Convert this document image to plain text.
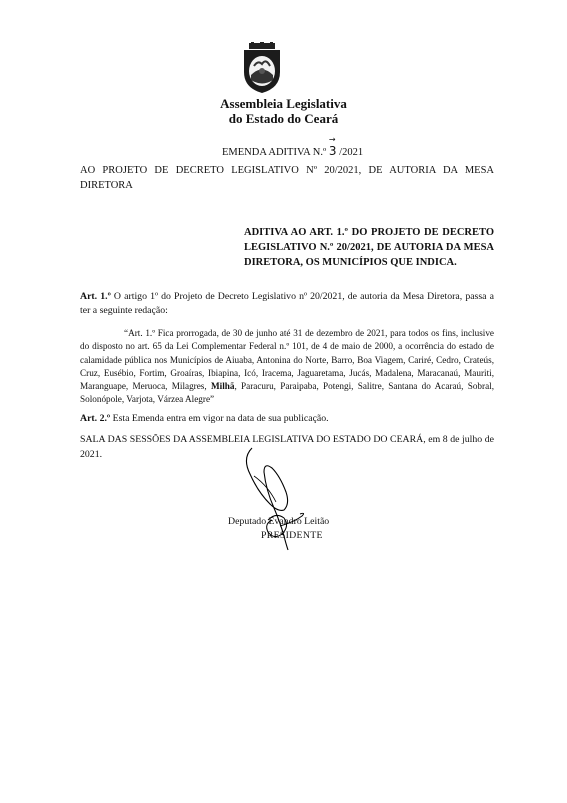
Assembleia Legislativa
do Estado do Ceará
EMENDA ADITIVA N.º → 3 /2021
AO PROJETO DE DECRETO LEGISLATIVO Nº 20/2021, DE AUTORIA DA MESA DIRETORA
ADITIVA AO ART. 1.º DO PROJETO DE DECRETO LEGISLATIVO N.º 20/2021, DE AUTORIA DA MESA DIRETORA, OS MUNICÍPIOS QUE INDICA.
Art. 1.º O artigo 1º do Projeto de Decreto Legislativo nº 20/2021, de autoria da Mesa Diretora, passa a ter a seguinte redação:
“Art. 1.º Fica prorrogada, de 30 de junho até 31 de dezembro de 2021, para todos os fins, inclusive do disposto no art. 65 da Lei Complementar Federal n.º 101, de 4 de maio de 2000, a ocorrência do estado de calamidade pública nos Municípios de Aiuaba, Antonina do Norte, Barro, Boa Viagem, Cariré, Cedro, Crateús, Cruz, Eusébio, Fortim, Groaíras, Ibiapina, Icó, Iracema, Jaguaretama, Jucás, Madalena, Maracanaú, Mauriti, Maranguape, Meruoca, Milagres, Milhã, Paracuru, Paraipaba, Potengi, Salitre, Santana do Acaraú, Sobral, Solonópole, Varjota, Várzea Alegre”
Art. 2.º Esta Emenda entra em vigor na data de sua publicação.
SALA DAS SESSÕES DA ASSEMBLEIA LEGISLATIVA DO ESTADO DO CEARÁ, em 8 de julho de 2021.
Deputado Evandro Leitão
PRESIDENTE
